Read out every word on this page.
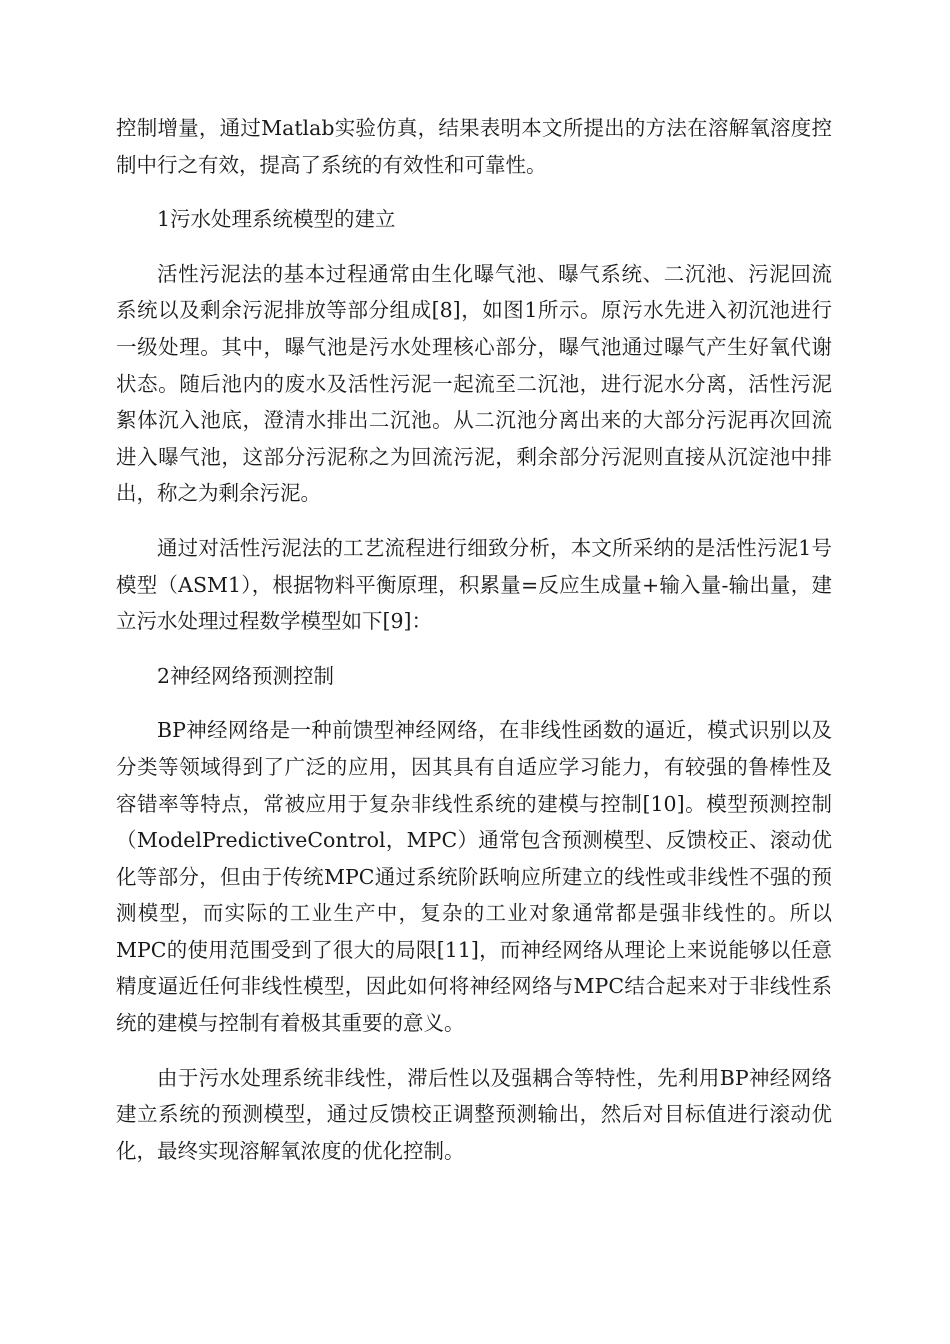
控制增量，通过Matlab实验仿真，结果表明本文所提出的方法在溶解氧溶度控制中行之有效，提高了系统的有效性和可靠性。

1污水处理系统模型的建立

活性污泥法的基本过程通常由生化曝气池、曝气系统、二沉池、污泥回流系统以及剩余污泥排放等部分组成[8]，如图1所示。原污水先进入初沉池进行一级处理。其中，曝气池是污水处理核心部分，曝气池通过曝气产生好氧代谢状态。随后池内的废水及活性污泥一起流至二沉池，进行泥水分离，活性污泥絮体沉入池底，澄清水排出二沉池。从二沉池分离出来的大部分污泥再次回流进入曝气池，这部分污泥称之为回流污泥，剩余部分污泥则直接从沉淀池中排出，称之为剩余污泥。

通过对活性污泥法的工艺流程进行细致分析，本文所采纳的是活性污泥1号模型（ASM1），根据物料平衡原理，积累量=反应生成量+输入量-输出量，建立污水处理过程数学模型如下[9]：

2神经网络预测控制

BP神经网络是一种前馈型神经网络，在非线性函数的逼近，模式识别以及分类等领域得到了广泛的应用，因其具有自适应学习能力，有较强的鲁棒性及容错率等特点，常被应用于复杂非线性系统的建模与控制[10]。模型预测控制（ModelPredictiveControl，MPC）通常包含预测模型、反馈校正、滚动优化等部分，但由于传统MPC通过系统阶跃响应所建立的线性或非线性不强的预测模型，而实际的工业生产中，复杂的工业对象通常都是强非线性的。所以MPC的使用范围受到了很大的局限[11]，而神经网络从理论上来说能够以任意精度逼近任何非线性模型，因此如何将神经网络与MPC结合起来对于非线性系统的建模与控制有着极其重要的意义。

由于污水处理系统非线性，滞后性以及强耦合等特性，先利用BP神经网络建立系统的预测模型，通过反馈校正调整预测输出，然后对目标值进行滚动优化，最终实现溶解氧浓度的优化控制。
